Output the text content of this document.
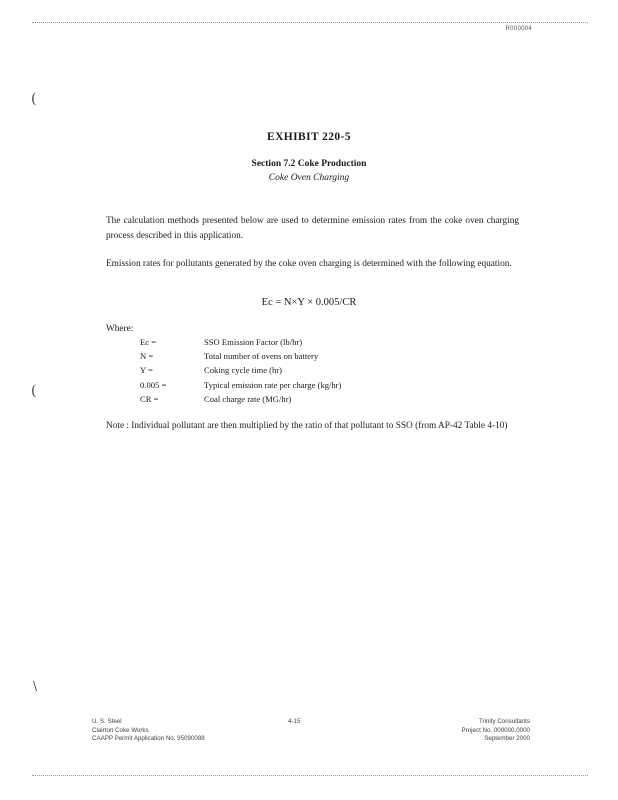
R000004
(
(
\
EXHIBIT 220-5
Section 7.2 Coke Production
Coke Oven Charging
The calculation methods presented below are used to determine emission rates from the coke oven charging process described in this application.
Emission rates for pollutants generated by the coke oven charging is determined with the following equation.
Ec = N×Y × 0.005/CR
Where:
Ec =	SSO Emission Factor (lb/hr)
N =	Total number of ovens on battery
Y =	Coking cycle time (hr)
0.005 =	Typical emission rate per charge (kg/hr)
CR =	Coal charge rate (MG/hr)
Note : Individual pollutant are then multiplied by the ratio of that pollutant to SSO (from AP-42 Table 4-10)
U. S. Steel
Clairton Coke Works
CAAPP Permit Application No. 95090088
4-15	Trinity Consultants
Project No. 000000.0000
September 2000
